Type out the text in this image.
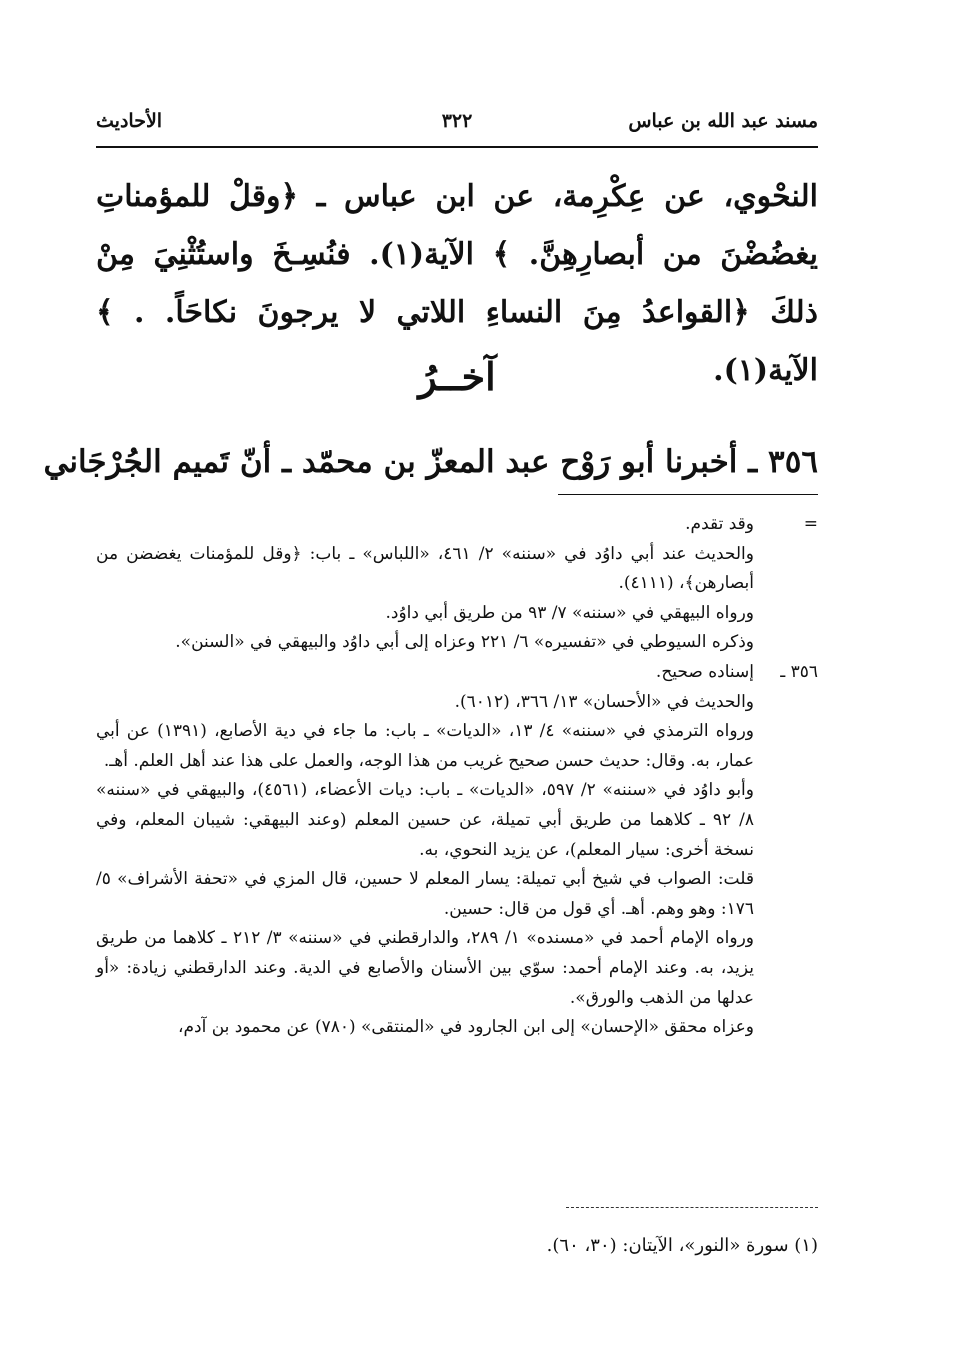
مسند عبد الله بن عباس
٣٢٢
الأحاديث

النحْوي، عن عِكْرِمة، عن ابن عباس ـ ﴿وقلْ للمؤمناتِ يغضُضْنَ من أبصارِهِنَّ. ﴾ الآية(١). فنُسِـخَ واستُثْنِيَ مِنْ ذلكَ ﴿القواعدُ مِنَ النساءِ اللاتي لا يرجونَ نكاحَاً. . ﴾ الآية(١).

آخــرُ
٣٥٦ ـ أخبرنا أبو رَوْح عبد المعزّ بن محمّد ـ أنّ تَميم الجُرْجَاني
=

وقد تقدم.

والحديث عند أبي داوُد في «سننه» ٢/ ٤٦١، «اللباس» ـ باب: ﴿وقل للمؤمنات يغضضن من أبصارهن﴾، (٤١١١).

ورواه البيهقي في «سننه» ٧/ ٩٣ من طريق أبي داوُد.

وذكره السيوطي في «تفسيره» ٦/ ٢٢١ وعزاه إلى أبي داوُد والبيهقي في «السنن».

٣٥٦ ـ

إسناده صحيح.

والحديث في «الأحسان» ١٣/ ٣٦٦، (٦٠١٢).

ورواه الترمذي في «سننه» ٤/ ١٣، «الديات» ـ باب: ما جاء في دية الأصابع، (١٣٩١) عن أبي عمار، به. وقال: حديث حسن صحيح غريب من هذا الوجه، والعمل على هذا عند أهل العلم. أهـ.

وأبو داوُد في «سننه» ٢/ ٥٩٧، «الديات» ـ باب: ديات الأعضاء، (٤٥٦١)، والبيهقي في «سننه» ٨/ ٩٢ ـ كلاهما من طريق أبي تميلة، عن حسين المعلم (وعند البيهقي: شيبان المعلم، وفي نسخة أخرى: سيار المعلم)، عن يزيد النحوي، به.

قلت: الصواب في شيخ أبي تميلة: يسار المعلم لا حسين، قال المزي في «تحفة الأشراف» ٥/ ١٧٦: وهو وهم. أهـ. أي قول من قال: حسين.

ورواه الإمام أحمد في «مسنده» ١/ ٢٨٩، والدارقطني في «سننه» ٣/ ٢١٢ ـ كلاهما من طريق يزيد، به. وعند الإمام أحمد: سوّي بين الأسنان والأصابع في الدية. وعند الدارقطني زيادة: «أو عدلها من الذهب والورق».

وعزاه محقق «الإحسان» إلى ابن الجارود في «المنتقى» (٧٨٠) عن محمود بن آدم،

(١) سورة «النور»، الآيتان: (٣٠، ٦٠).
